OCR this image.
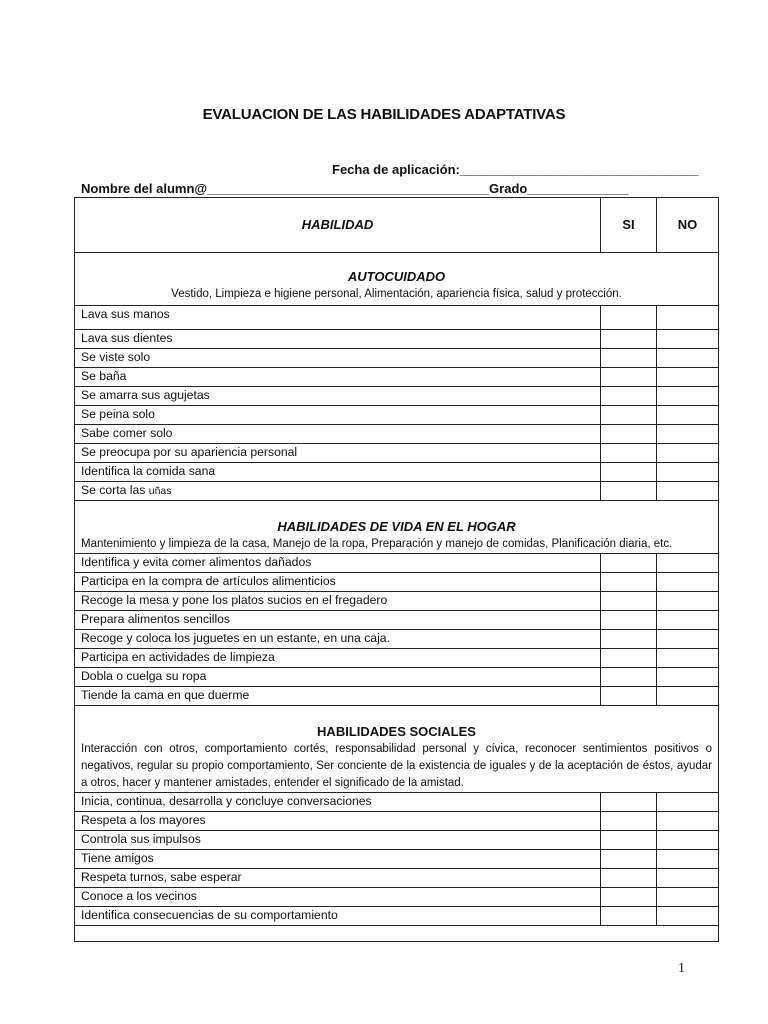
EVALUACION DE LAS HABILIDADES ADAPTATIVAS
Fecha de aplicación:_________________________________
Nombre del alumn@_______________________________________Grado______________
HABILIDAD	SI	NO

AUTOCUIDADO
Vestido, Limpieza e higiene personal, Alimentación, apariencia física, salud y protección.		

Lava sus manos		
Lava sus dientes		
Se viste solo		
Se baña		
Se amarra sus agujetas		
Se peina solo		
Sabe comer solo		
Se preocupa por su apariencia personal		
Identifica la comida sana		
Se corta las uñas		

HABILIDADES DE VIDA EN EL HOGAR
Mantenimiento y limpieza de la casa, Manejo de la ropa, Preparación y manejo de comidas, Planificación diaria, etc.		

Identifica y evita comer alimentos dañados		
Participa en la compra de artículos alimenticios		
Recoge la mesa y pone los platos sucios en el fregadero		
Prepara alimentos sencillos		
Recoge y coloca los juguetes en un estante, en una caja.		
Participa en actividades de limpieza		
Dobla o cuelga su ropa		
Tiende la cama en que duerme		

HABILIDADES SOCIALES
Interacción con otros, comportamiento cortés, responsabilidad personal y cívica, reconocer sentimientos positivos o negativos, regular su propio comportamiento, Ser conciente de la existencia de iguales y de la aceptación de éstos, ayudar a otros, hacer y mantener amistades, entender el significado de la amistad.		

Inicia, continua, desarrolla y concluye conversaciones		
Respeta a los mayores		
Controla sus impulsos		
Tiene amigos		
Respeta turnos, sabe esperar		
Conoce a los vecinos		
Identifica consecuencias de su comportamiento		

1
